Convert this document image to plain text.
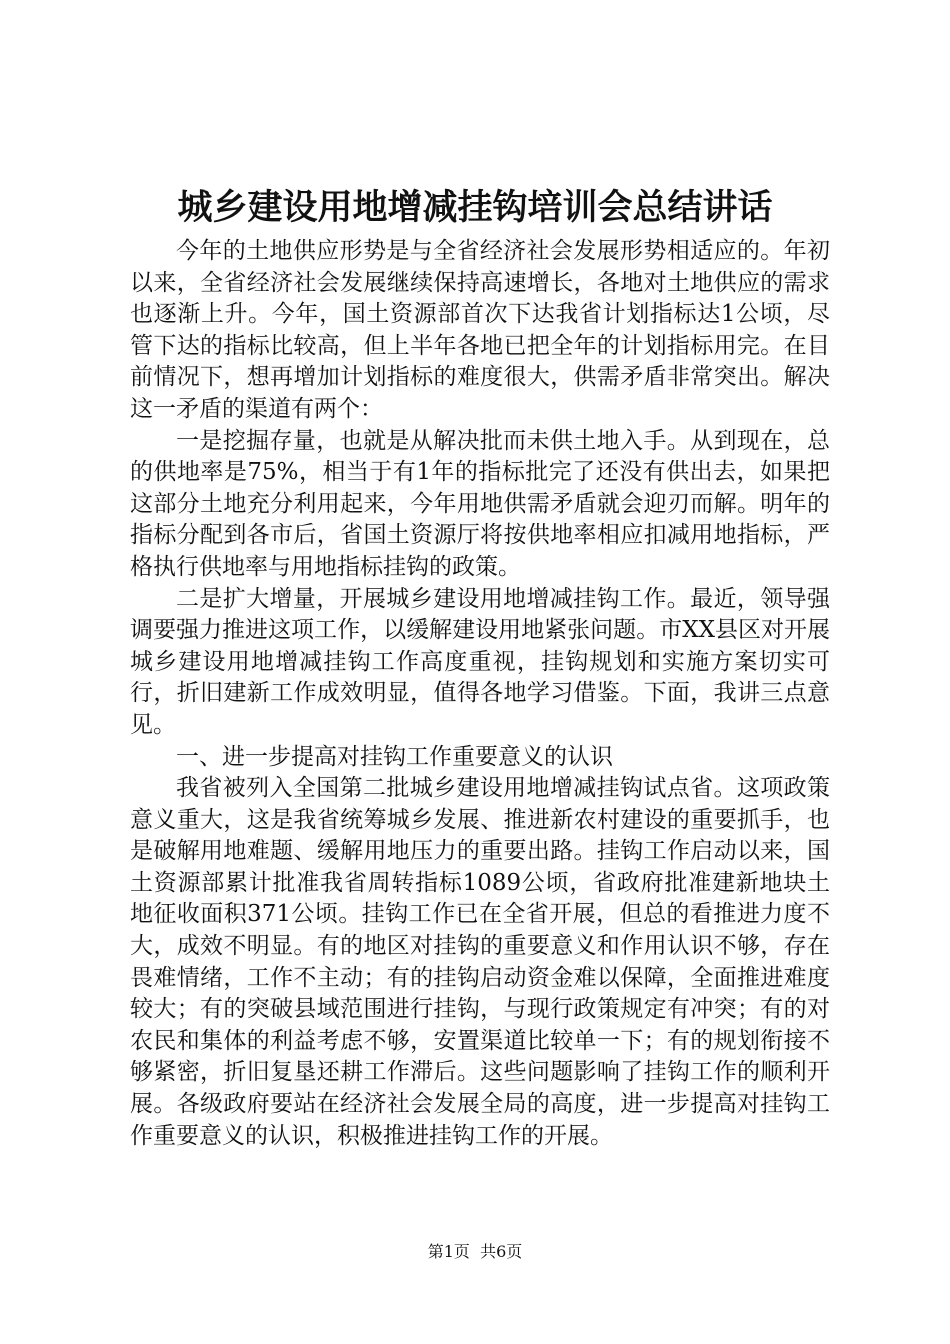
城乡建设用地增减挂钩培训会总结讲话

今年的土地供应形势是与全省经济社会发展形势相适应的。年初以来，全省经济社会发展继续保持高速增长，各地对土地供应的需求也逐渐上升。今年，国土资源部首次下达我省计划指标达1公顷，尽管下达的指标比较高，但上半年各地已把全年的计划指标用完。在目前情况下，想再增加计划指标的难度很大，供需矛盾非常突出。解决这一矛盾的渠道有两个：

一是挖掘存量，也就是从解决批而未供土地入手。从到现在，总的供地率是75%，相当于有1年的指标批完了还没有供出去，如果把这部分土地充分利用起来，今年用地供需矛盾就会迎刃而解。明年的指标分配到各市后，省国土资源厅将按供地率相应扣减用地指标，严格执行供地率与用地指标挂钩的政策。

二是扩大增量，开展城乡建设用地增减挂钩工作。最近，领导强调要强力推进这项工作，以缓解建设用地紧张问题。市XX县区对开展城乡建设用地增减挂钩工作高度重视，挂钩规划和实施方案切实可行，折旧建新工作成效明显，值得各地学习借鉴。下面，我讲三点意见。

一、进一步提高对挂钩工作重要意义的认识

我省被列入全国第二批城乡建设用地增减挂钩试点省。这项政策意义重大，这是我省统筹城乡发展、推进新农村建设的重要抓手，也是破解用地难题、缓解用地压力的重要出路。挂钩工作启动以来，国土资源部累计批准我省周转指标1089公顷，省政府批准建新地块土地征收面积371公顷。挂钩工作已在全省开展，但总的看推进力度不大，成效不明显。有的地区对挂钩的重要意义和作用认识不够，存在畏难情绪，工作不主动；有的挂钩启动资金难以保障，全面推进难度较大；有的突破县域范围进行挂钩，与现行政策规定有冲突；有的对农民和集体的利益考虑不够，安置渠道比较单一下；有的规划衔接不够紧密，折旧复垦还耕工作滞后。这些问题影响了挂钩工作的顺利开展。各级政府要站在经济社会发展全局的高度，进一步提高对挂钩工作重要意义的认识，积极推进挂钩工作的开展。

第1页  共6页
